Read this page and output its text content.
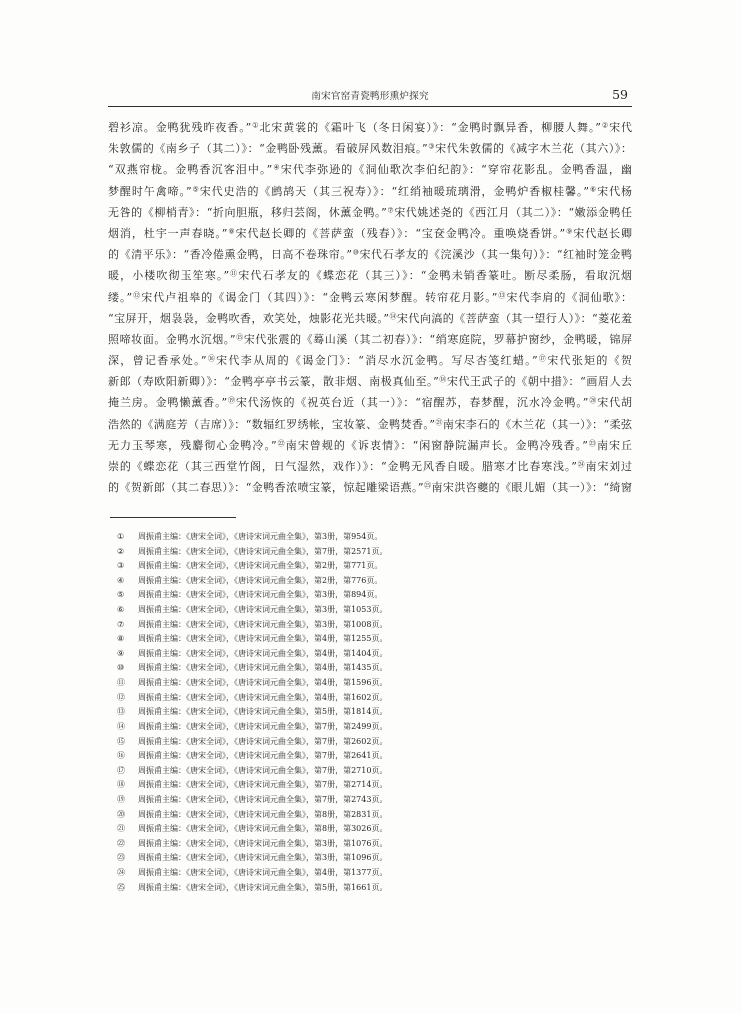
南宋官窑青瓷鸭形熏炉探究	59
碧衫凉。金鸭犹残昨夜香。”①北宋黄裳的《霜叶飞（冬日闲宴）》：“金鸭时飘异香，柳腰人舞。”②宋代
朱敦儒的《南乡子（其二）》：“金鸭卧残薰。看破屏风数泪痕。”③宋代朱敦儒的《减字木兰花（其六）》：
“双燕帘栊。金鸭香沉客泪中。”④宋代李弥逊的《洞仙歌次李伯纪韵》：“穿帘花影乱。金鸭香温，幽
梦醒时午禽啼。”⑤宋代史浩的《鹧鸪天（其三祝寿）》：“红绡袖暖琉璃滑，金鸭炉香椒桂馨。”⑥宋代杨
无咎的《柳梢青》：“折向胆瓶，移归芸阁，休薰金鸭。”⑦宋代姚述尧的《西江月（其二）》：“嫩添金鸭任
烟消，杜宇一声春晓。”⑧宋代赵长卿的《菩萨蛮（残春）》：“宝奁金鸭冷。重唤烧香饼。”⑨宋代赵长卿
的《清平乐》：“香冷倦熏金鸭，日高不卷珠帘。”⑩宋代石孝友的《浣溪沙（其一集句）》：“红袖时笼金鸭
暖，小楼吹彻玉笙寒。”⑪宋代石孝友的《蝶恋花（其三）》：“金鸭未销香篆吐。断尽柔肠，看取沉烟
缕。”⑫宋代卢祖皋的《谒金门（其四）》：“金鸭云寒闲梦醒。转帘花月影。”⑬宋代李肩的《洞仙歌》：
“宝屏开，烟袅袅，金鸭吹香，欢笑处，烛影花光共暖。”⑭宋代向滈的《菩萨蛮（其一望行人）》：“菱花羞
照啼妆面。金鸭水沉烟。”⑮宋代张震的《蓦山溪（其二初春）》：“绡寒庭院，罗幕护窗纱，金鸭暖，锦屏
深，曾记香承处。”⑯宋代李从周的《谒金门》：“消尽水沉金鸭。写尽杏笺红蜡。”⑰宋代张矩的《贺
新郎（寿欧阳新卿）》：“金鸭亭亭书云篆，散非烟、南极真仙至。”⑱宋代王武子的《朝中措》：“画眉人去
掩兰房。金鸭懒薰香。”⑲宋代汤恢的《祝英台近（其一）》：“宿醒苏，春梦醒，沉水冷金鸭。”⑳宋代胡
浩然的《满庭芳（吉席）》：“数辐红罗绣帐，宝妆篆、金鸭焚香。”$^㉑$南宋李石的《木兰花（其一）》：“柔弦
无力玉琴寒，残麝彻心金鸭冷。”$^㉒$南宋曾觌的《诉衷情》：“闲窗静院漏声长。金鸭冷残香。”$^㉓$南宋丘
崇的《蝶恋花（其三西堂竹阁，日气湿然，戏作）》：“金鸭无风香自暖。腊寒才比春寒浅。”$^㉔$南宋刘过
的《贺新郎（其二春思）》：“金鸭香浓喷宝篆，惊起雕梁语燕。”$^㉕$南宋洪咨夔的《眼儿媚（其一）》：“绮窗
① 周振甫主编：《唐宋全词》，《唐诗宋词元曲全集》，第3册，第954页。
② 周振甫主编：《唐宋全词》，《唐诗宋词元曲全集》，第7册，第2571页。
③ 周振甫主编：《唐宋全词》，《唐诗宋词元曲全集》，第2册，第771页。
④ 周振甫主编：《唐宋全词》，《唐诗宋词元曲全集》，第2册，第776页。
⑤ 周振甫主编：《唐宋全词》，《唐诗宋词元曲全集》，第3册，第894页。
⑥ 周振甫主编：《唐宋全词》，《唐诗宋词元曲全集》，第3册，第1053页。
⑦ 周振甫主编：《唐宋全词》，《唐诗宋词元曲全集》，第3册，第1008页。
⑧ 周振甫主编：《唐宋全词》，《唐诗宋词元曲全集》，第4册，第1255页。
⑨ 周振甫主编：《唐宋全词》，《唐诗宋词元曲全集》，第4册，第1404页。
⑩ 周振甫主编：《唐宋全词》，《唐诗宋词元曲全集》，第4册，第1435页。
⑪ 周振甫主编：《唐宋全词》，《唐诗宋词元曲全集》，第4册，第1596页。
⑫ 周振甫主编：《唐宋全词》，《唐诗宋词元曲全集》，第4册，第1602页。
⑬ 周振甫主编：《唐宋全词》，《唐诗宋词元曲全集》，第5册，第1814页。
⑭ 周振甫主编：《唐宋全词》，《唐诗宋词元曲全集》，第7册，第2499页。
⑮ 周振甫主编：《唐宋全词》，《唐诗宋词元曲全集》，第7册，第2602页。
⑯ 周振甫主编：《唐宋全词》，《唐诗宋词元曲全集》，第7册，第2641页。
⑰ 周振甫主编：《唐宋全词》，《唐诗宋词元曲全集》，第7册，第2710页。
⑱ 周振甫主编：《唐宋全词》，《唐诗宋词元曲全集》，第7册，第2714页。
⑲ 周振甫主编：《唐宋全词》，《唐诗宋词元曲全集》，第7册，第2743页。
⑳ 周振甫主编：《唐宋全词》，《唐诗宋词元曲全集》，第8册，第2831页。
㉑ 周振甫主编：《唐宋全词》，《唐诗宋词元曲全集》，第8册，第3026页。
㉒ 周振甫主编：《唐宋全词》，《唐诗宋词元曲全集》，第3册，第1076页。
㉓ 周振甫主编：《唐宋全词》，《唐诗宋词元曲全集》，第3册，第1096页。
㉔ 周振甫主编：《唐宋全词》，《唐诗宋词元曲全集》，第4册，第1377页。
㉕ 周振甫主编：《唐宋全词》，《唐诗宋词元曲全集》，第5册，第1661页。
